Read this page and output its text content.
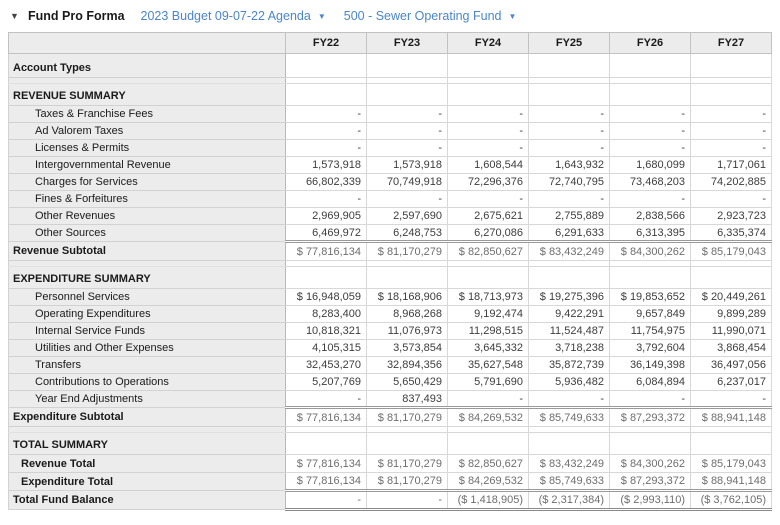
▼ Fund Pro Forma 2023 Budget 09-07-22 Agenda ▼ 500 - Sewer Operating Fund ▼
	FY22	FY23	FY24	FY25	FY26	FY27
Account Types						

REVENUE SUMMARY						
Taxes & Franchise Fees	-	-	-	-	-	-
Ad Valorem Taxes	-	-	-	-	-	-
Licenses & Permits	-	-	-	-	-	-
Intergovernmental Revenue	1,573,918	1,573,918	1,608,544	1,643,932	1,680,099	1,717,061
Charges for Services	66,802,339	70,749,918	72,296,376	72,740,795	73,468,203	74,202,885
Fines & Forfeitures	-	-	-	-	-	-
Other Revenues	2,969,905	2,597,690	2,675,621	2,755,889	2,838,566	2,923,723
Other Sources	6,469,972	6,248,753	6,270,086	6,291,633	6,313,395	6,335,374
Revenue Subtotal	$ 77,816,134	$ 81,170,279	$ 82,850,627	$ 83,432,249	$ 84,300,262	$ 85,179,043

EXPENDITURE SUMMARY						
Personnel Services	$ 16,948,059	$ 18,168,906	$ 18,713,973	$ 19,275,396	$ 19,853,652	$ 20,449,261
Operating Expenditures	8,283,400	8,968,268	9,192,474	9,422,291	9,657,849	9,899,289
Internal Service Funds	10,818,321	11,076,973	11,298,515	11,524,487	11,754,975	11,990,071
Utilities and Other Expenses	4,105,315	3,573,854	3,645,332	3,718,238	3,792,604	3,868,454
Transfers	32,453,270	32,894,356	35,627,548	35,872,739	36,149,398	36,497,056
Contributions to Operations	5,207,769	5,650,429	5,791,690	5,936,482	6,084,894	6,237,017
Year End Adjustments	-	837,493	-	-	-	-
Expenditure Subtotal	$ 77,816,134	$ 81,170,279	$ 84,269,532	$ 85,749,633	$ 87,293,372	$ 88,941,148

TOTAL SUMMARY						
Revenue Total	$ 77,816,134	$ 81,170,279	$ 82,850,627	$ 83,432,249	$ 84,300,262	$ 85,179,043
Expenditure Total	$ 77,816,134	$ 81,170,279	$ 84,269,532	$ 85,749,633	$ 87,293,372	$ 88,941,148
Total Fund Balance	-	-	($ 1,418,905)	($ 2,317,384)	($ 2,993,110)	($ 3,762,105)
